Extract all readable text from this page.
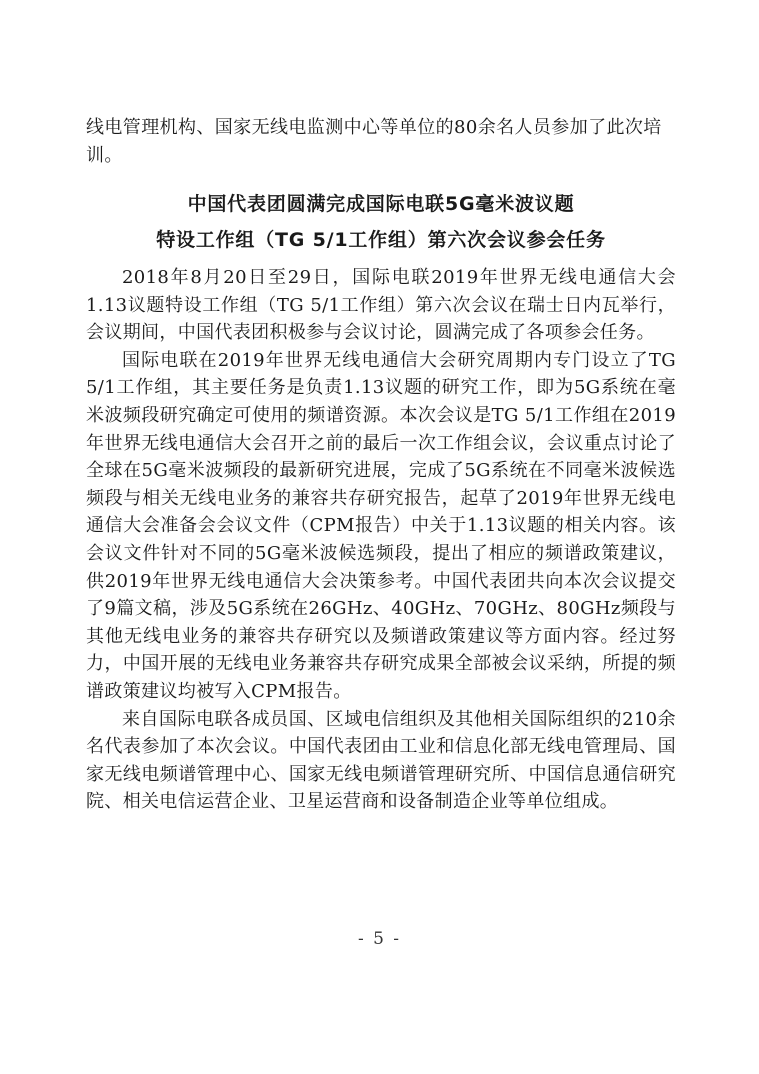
线电管理机构、国家无线电监测中心等单位的80余名人员参加了此次培训。

中国代表团圆满完成国际电联5G毫米波议题
特设工作组（TG 5/1工作组）第六次会议参会任务

2018年8月20日至29日，国际电联2019年世界无线电通信大会1.13议题特设工作组（TG 5/1工作组）第六次会议在瑞士日内瓦举行，会议期间，中国代表团积极参与会议讨论，圆满完成了各项参会任务。

国际电联在2019年世界无线电通信大会研究周期内专门设立了TG 5/1工作组，其主要任务是负责1.13议题的研究工作，即为5G系统在毫米波频段研究确定可使用的频谱资源。本次会议是TG 5/1工作组在2019年世界无线电通信大会召开之前的最后一次工作组会议，会议重点讨论了全球在5G毫米波频段的最新研究进展，完成了5G系统在不同毫米波候选频段与相关无线电业务的兼容共存研究报告，起草了2019年世界无线电通信大会准备会会议文件（CPM报告）中关于1.13议题的相关内容。该会议文件针对不同的5G毫米波候选频段，提出了相应的频谱政策建议，供2019年世界无线电通信大会决策参考。中国代表团共向本次会议提交了9篇文稿，涉及5G系统在26GHz、40GHz、70GHz、80GHz频段与其他无线电业务的兼容共存研究以及频谱政策建议等方面内容。经过努力，中国开展的无线电业务兼容共存研究成果全部被会议采纳，所提的频谱政策建议均被写入CPM报告。

来自国际电联各成员国、区域电信组织及其他相关国际组织的210余名代表参加了本次会议。中国代表团由工业和信息化部无线电管理局、国家无线电频谱管理中心、国家无线电频谱管理研究所、中国信息通信研究院、相关电信运营企业、卫星运营商和设备制造企业等单位组成。

- 5 -
